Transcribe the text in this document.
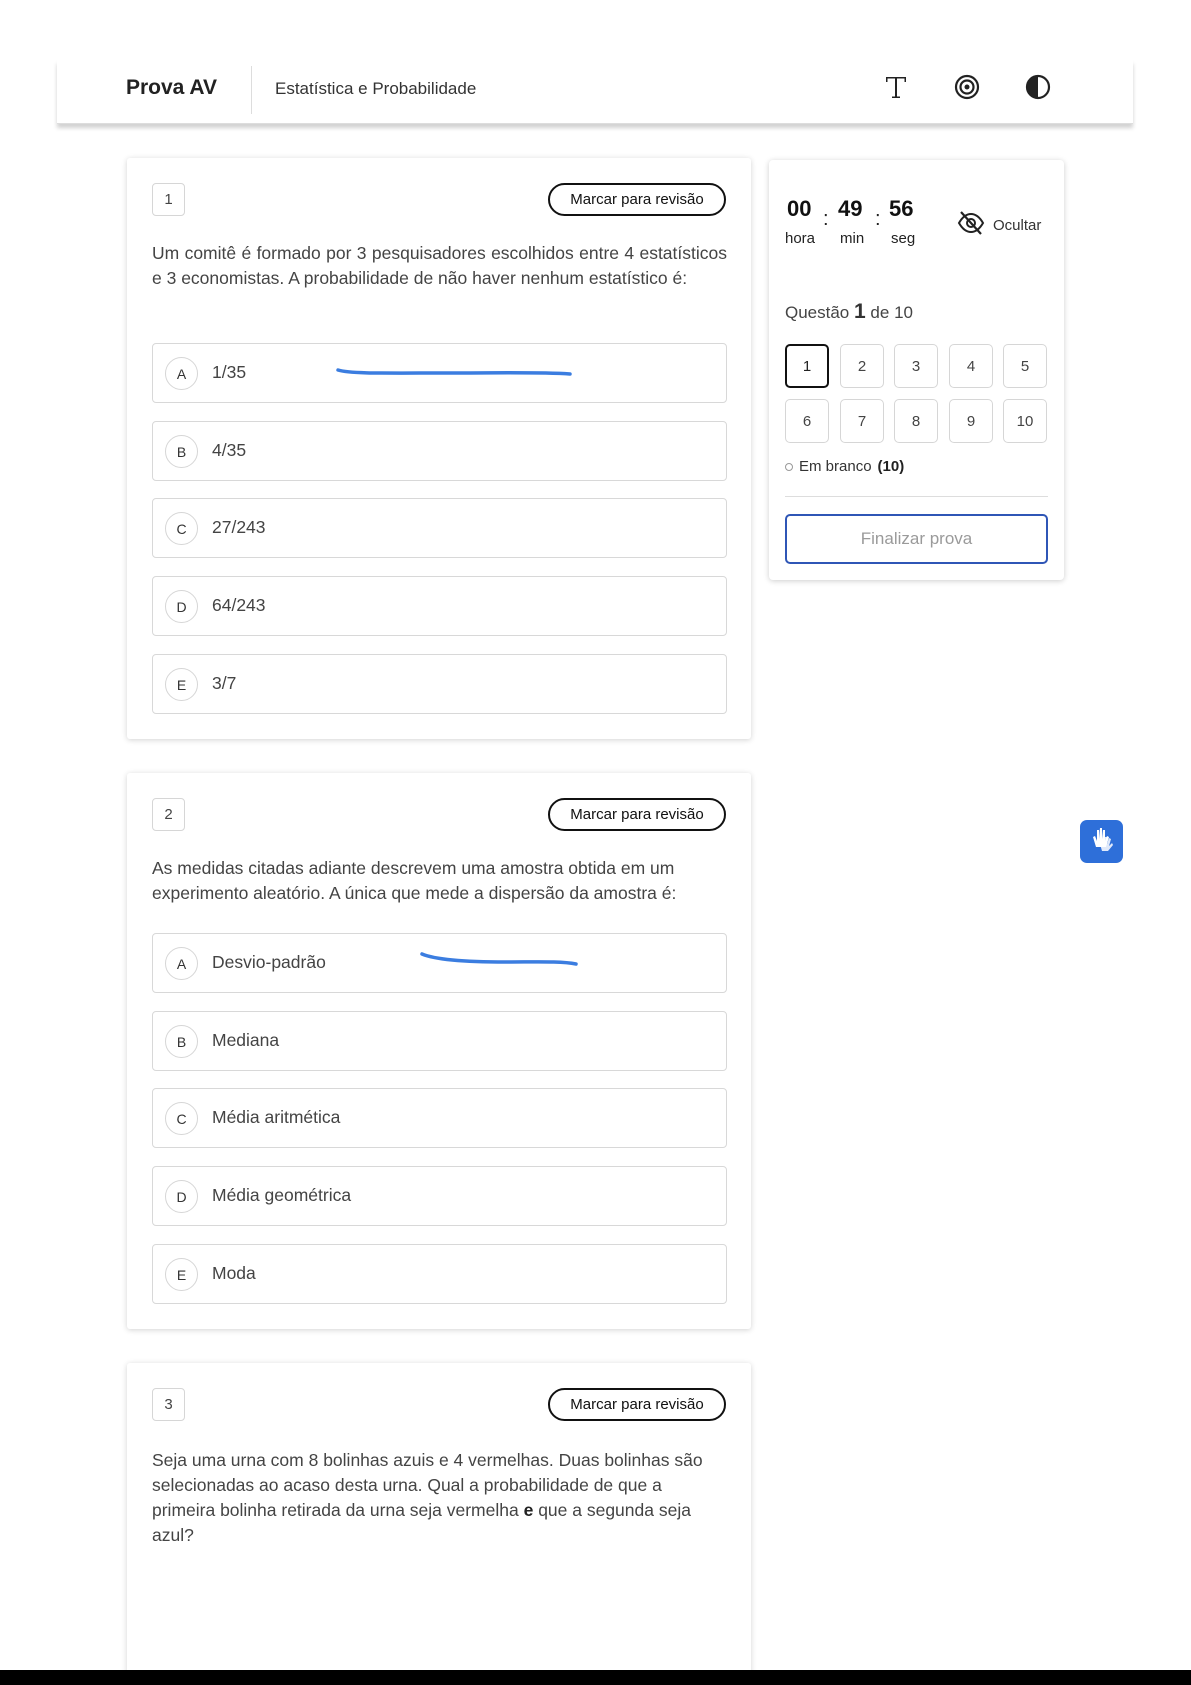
Prova AV	Estatística e Probabilidade
1	Marcar para revisão
Um comitê é formado por 3 pesquisadores escolhidos entre 4 estatísticos e 3 economistas. A probabilidade de não haver nenhum estatístico é:
A	1/35
B	4/35
C	27/243
D	64/243
E	3/7
2	Marcar para revisão
As medidas citadas adiante descrevem uma amostra obtida em um experimento aleatório. A única que mede a dispersão da amostra é:
A	Desvio-padrão
B	Mediana
C	Média aritmética
D	Média geométrica
E	Moda
3	Marcar para revisão
Seja uma urna com 8 bolinhas azuis e 4 vermelhas. Duas bolinhas são selecionadas ao acaso desta urna. Qual a probabilidade de que a primeira bolinha retirada da urna seja vermelha e que a segunda seja azul?
00
hora
: 49
min
: 56
seg
Ocultar
Questão 1 de 10
1	2	3	4	5
6	7	8	9	10
Em branco (10)
Finalizar prova
